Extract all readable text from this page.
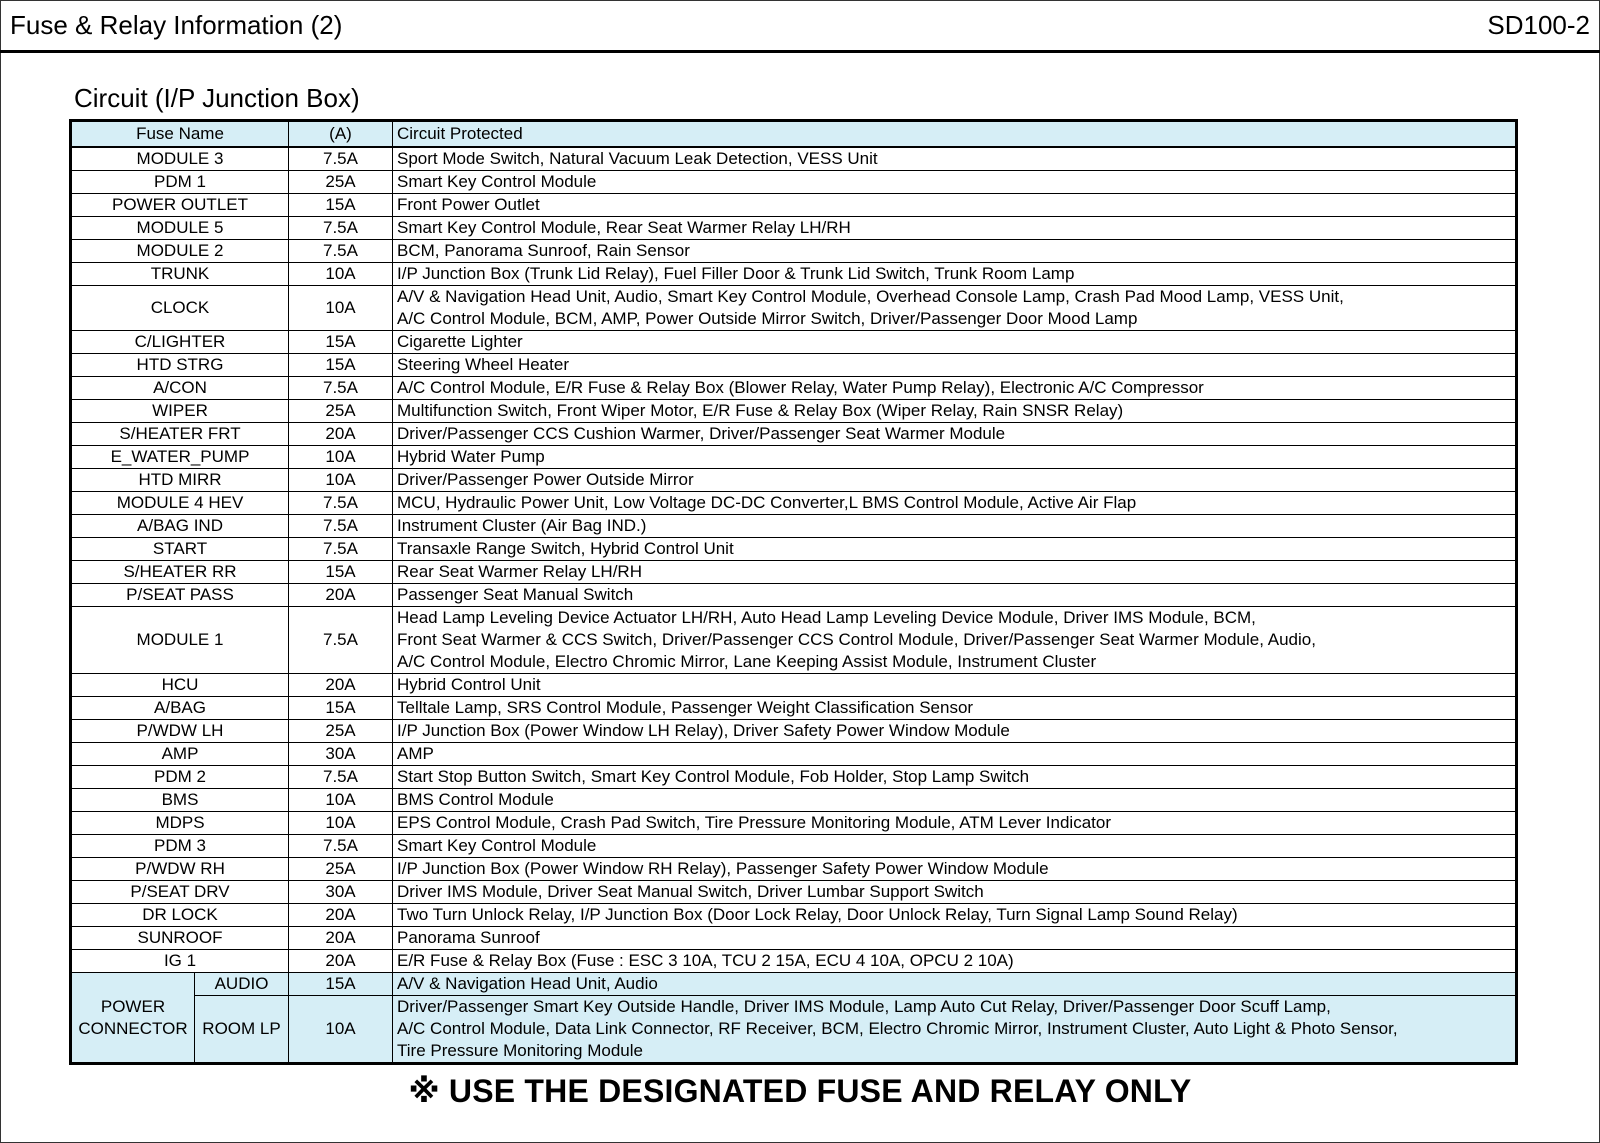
Fuse & Relay Information (2)	SD100-2
Circuit (I/P Junction Box)
Fuse Name		(A)	Circuit Protected
MODULE 3		7.5A	Sport Mode Switch, Natural Vacuum Leak Detection, VESS Unit
PDM 1		25A	Smart Key Control Module
POWER OUTLET		15A	Front Power Outlet
MODULE 5		7.5A	Smart Key Control Module, Rear Seat Warmer Relay LH/RH
MODULE 2		7.5A	BCM, Panorama Sunroof, Rain Sensor
TRUNK		10A	I/P Junction Box (Trunk Lid Relay), Fuel Filler Door & Trunk Lid Switch, Trunk Room Lamp
CLOCK		10A	A/V & Navigation Head Unit, Audio, Smart Key Control Module, Overhead Console Lamp, Crash Pad Mood Lamp, VESS Unit,
A/C Control Module, BCM, AMP, Power Outside Mirror Switch, Driver/Passenger Door Mood Lamp
C/LIGHTER		15A	Cigarette Lighter
HTD STRG		15A	Steering Wheel Heater
A/CON		7.5A	A/C Control Module, E/R Fuse & Relay Box (Blower Relay, Water Pump Relay), Electronic A/C Compressor
WIPER		25A	Multifunction Switch, Front Wiper Motor, E/R Fuse & Relay Box (Wiper Relay, Rain SNSR Relay)
S/HEATER FRT		20A	Driver/Passenger CCS Cushion Warmer, Driver/Passenger Seat Warmer Module
E_WATER_PUMP		10A	Hybrid Water Pump
HTD MIRR		10A	Driver/Passenger Power Outside Mirror
MODULE 4 HEV		7.5A	MCU, Hydraulic Power Unit, Low Voltage DC-DC Converter,L BMS Control Module, Active Air Flap
A/BAG IND		7.5A	Instrument Cluster (Air Bag IND.)
START		7.5A	Transaxle Range Switch, Hybrid Control Unit
S/HEATER RR		15A	Rear Seat Warmer Relay LH/RH
P/SEAT PASS		20A	Passenger Seat Manual Switch
MODULE 1		7.5A	Head Lamp Leveling Device Actuator LH/RH, Auto Head Lamp Leveling Device Module, Driver IMS Module, BCM,
Front Seat Warmer & CCS Switch, Driver/Passenger CCS Control Module, Driver/Passenger Seat Warmer Module, Audio,
A/C Control Module, Electro Chromic Mirror, Lane Keeping Assist Module, Instrument Cluster
HCU		20A	Hybrid Control Unit
A/BAG		15A	Telltale Lamp, SRS Control Module, Passenger Weight Classification Sensor
P/WDW LH		25A	I/P Junction Box (Power Window LH Relay), Driver Safety Power Window Module
AMP		30A	AMP
PDM 2		7.5A	Start Stop Button Switch, Smart Key Control Module, Fob Holder, Stop Lamp Switch
BMS		10A	BMS Control Module
MDPS		10A	EPS Control Module, Crash Pad Switch, Tire Pressure Monitoring Module, ATM Lever Indicator
PDM 3		7.5A	Smart Key Control Module
P/WDW RH		25A	I/P Junction Box (Power Window RH Relay), Passenger Safety Power Window Module
P/SEAT DRV		30A	Driver IMS Module, Driver Seat Manual Switch, Driver Lumbar Support Switch
DR LOCK		20A	Two Turn Unlock Relay, I/P Junction Box (Door Lock Relay, Door Unlock Relay, Turn Signal Lamp Sound Relay)
SUNROOF		20A	Panorama Sunroof
IG 1		20A	E/R Fuse & Relay Box (Fuse : ESC 3 10A, TCU 2 15A, ECU 4 10A, OPCU 2 10A)
POWER
CONNECTOR	AUDIO	15A	A/V & Navigation Head Unit, Audio
	ROOM LP	10A	Driver/Passenger Smart Key Outside Handle, Driver IMS Module, Lamp Auto Cut Relay, Driver/Passenger Door Scuff Lamp,
A/C Control Module, Data Link Connector, RF Receiver, BCM, Electro Chromic Mirror, Instrument Cluster, Auto Light & Photo Sensor,
Tire Pressure Monitoring Module
※ USE THE DESIGNATED FUSE AND RELAY ONLY
